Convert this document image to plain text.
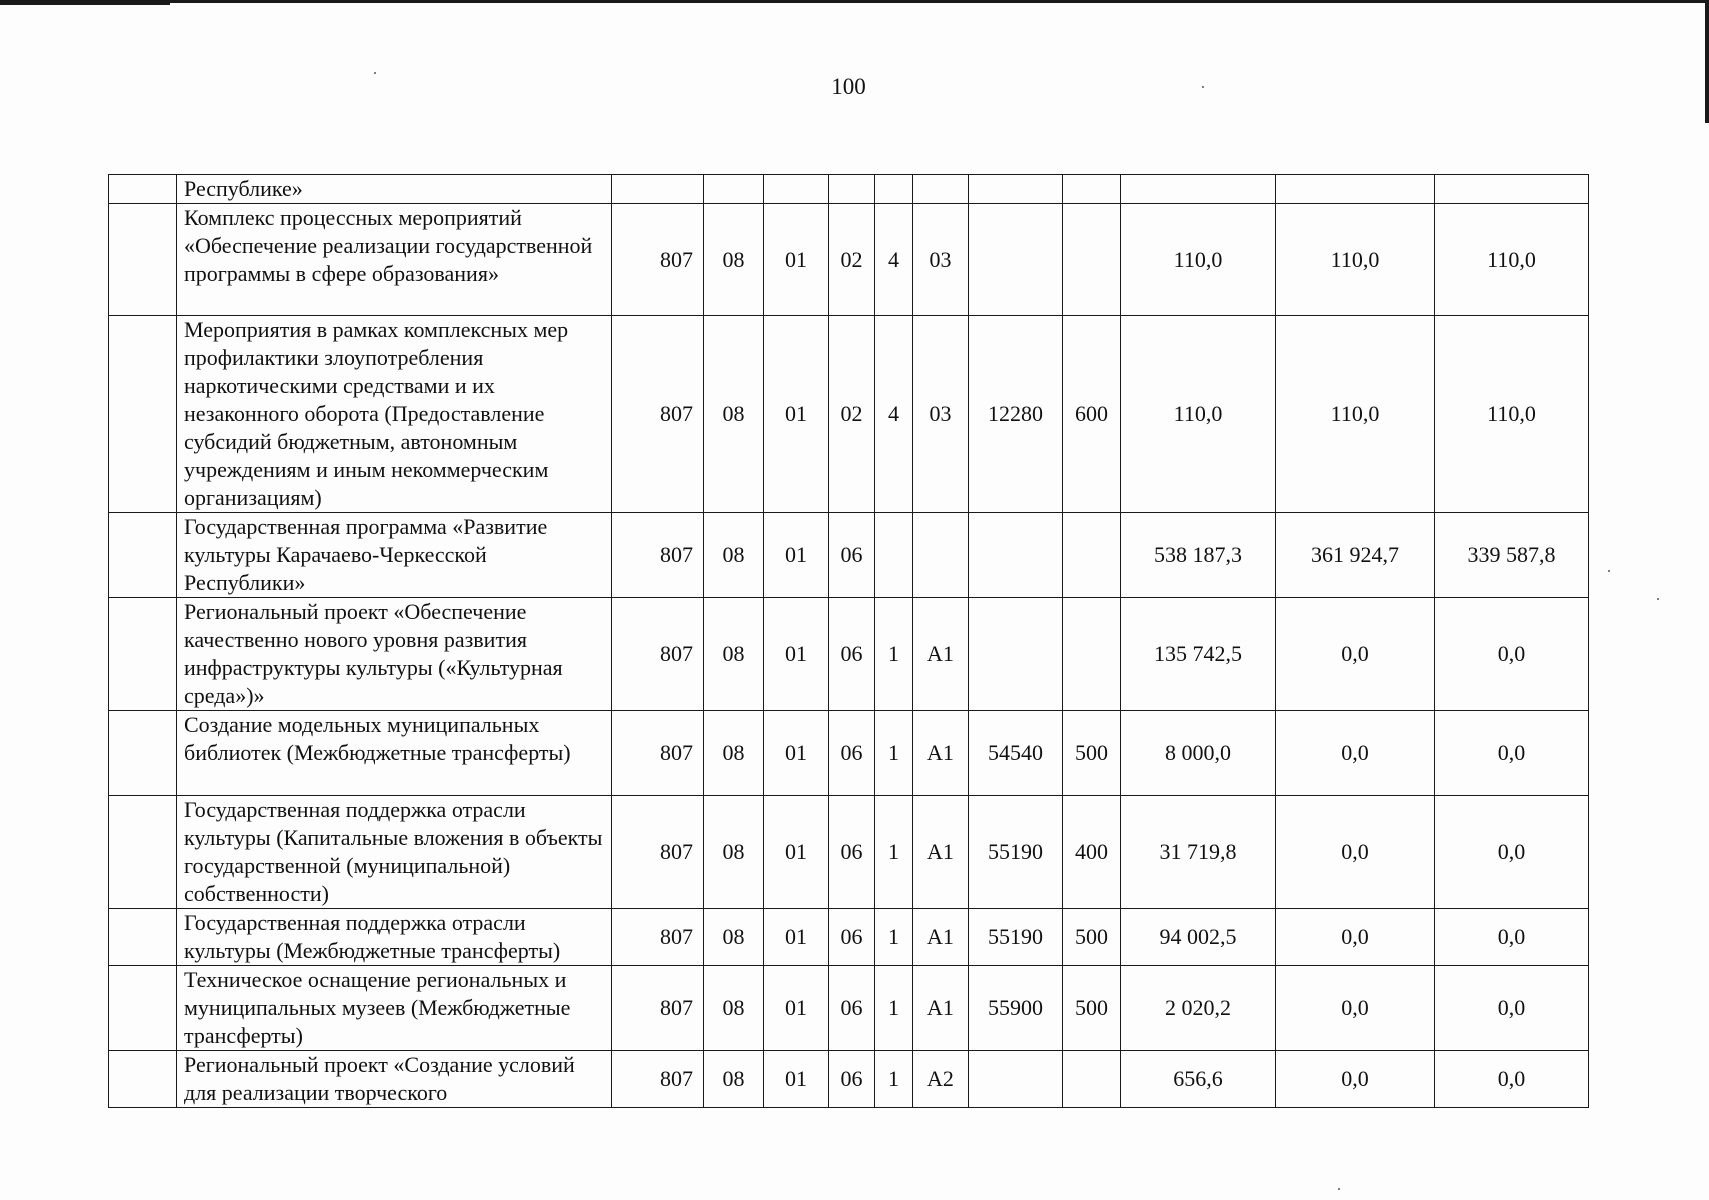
100
	Республике»											
	Комплекс процессных мероприятий «Обеспечение реализации государственной программы в сфере образования»	807	08	01	02	4	03			110,0	110,0	110,0
	Мероприятия в рамках комплексных мер профилактики злоупотребления наркотическими средствами и их незаконного оборота (Предоставление субсидий бюджетным, автономным учреждениям и иным некоммерческим организациям)	807	08	01	02	4	03	12280	600	110,0	110,0	110,0
	Государственная программа «Развитие культуры Карачаево-Черкесской Республики»	807	08	01	06					538 187,3	361 924,7	339 587,8
	Региональный проект «Обеспечение качественно нового уровня развития инфраструктуры культуры («Культурная среда»)»	807	08	01	06	1	А1			135 742,5	0,0	0,0
	Создание модельных муниципальных библиотек (Межбюджетные трансферты)	807	08	01	06	1	А1	54540	500	8 000,0	0,0	0,0
	Государственная поддержка отрасли культуры (Капитальные вложения в объекты государственной (муниципальной) собственности)	807	08	01	06	1	А1	55190	400	31 719,8	0,0	0,0
	Государственная поддержка отрасли культуры (Межбюджетные трансферты)	807	08	01	06	1	А1	55190	500	94 002,5	0,0	0,0
	Техническое оснащение региональных и муниципальных музеев (Межбюджетные трансферты)	807	08	01	06	1	А1	55900	500	2 020,2	0,0	0,0
	Региональный проект «Создание условий для реализации творческого	807	08	01	06	1	А2			656,6	0,0	0,0
